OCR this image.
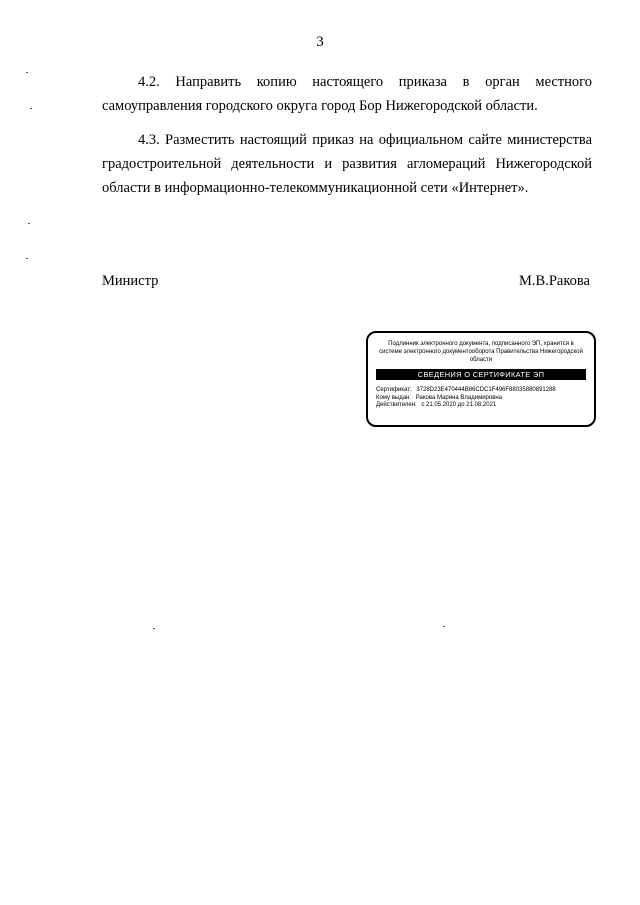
3
4.2. Направить копию настоящего приказа в орган местного самоуправления городского округа город Бор Нижегородской области.
4.3. Разместить настоящий приказ на официальном сайте министерства градостроительной деятельности и развития агломераций Нижегородской области в информационно-телекоммуникационной сети «Интернет».
Министр	М.В.Ракова
Подлинник электронного документа, подписанного ЭП, хранится в системе электронного документооборота Правительства Нижегородской области
СВЕДЕНИЯ О СЕРТИФИКАТЕ ЭП
Сертификат: 3728D23E470444B86CDC1F496F88035880891288
Кому выдан: Ракова Марина Владимировна
Действителен: с 21.05.2020 до 21.08.2021
